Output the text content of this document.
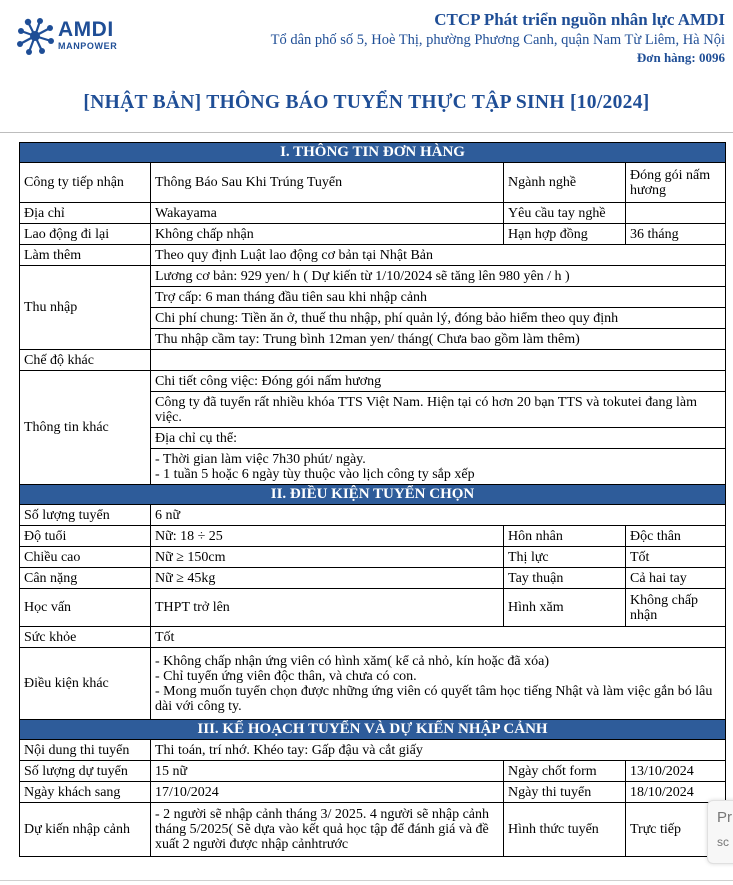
AMDI
MANPOWER
CTCP Phát triển nguồn nhân lực AMDI
Tổ dân phố số 5, Hoè Thị, phường Phương Canh, quận Nam Từ Liêm, Hà Nội
Đơn hàng: 0096
[NHẬT BẢN] THÔNG BÁO TUYỂN THỰC TẬP SINH [10/2024]
I. THÔNG TIN ĐƠN HÀNG			
Công ty tiếp nhận	Thông Báo Sau Khi Trúng Tuyển	Ngành nghề	Đóng gói nấm hương
Địa chỉ	Wakayama	Yêu cầu tay nghề	
Lao động đi lại	Không chấp nhận	Hạn hợp đồng	36 tháng
Làm thêm	Theo quy định Luật lao động cơ bản tại Nhật Bản		
Thu nhập	Lương cơ bản: 929 yen/ h ( Dự kiến từ 1/10/2024 sẽ tăng lên 980 yên / h )		
	Trợ cấp: 6 man tháng đầu tiên sau khi nhập cảnh		
	Chi phí chung: Tiền ăn ở, thuế thu nhập, phí quản lý, đóng bảo hiểm theo quy định		
	Thu nhập cầm tay: Trung bình 12man yen/ tháng( Chưa bao gồm làm thêm)		
Chế độ khác			
Thông tin khác	Chi tiết công việc: Đóng gói nấm hương		
	Công ty đã tuyển rất nhiều khóa TTS Việt Nam. Hiện tại có hơn 20 bạn TTS và tokutei đang làm việc.		
	Địa chỉ cụ thể:		

	- Thời gian làm việc 7h30 phút/ ngày.
- 1 tuần 5 hoặc 6 ngày tùy thuộc vào lịch công ty sắp xếp		

II. ĐIỀU KIỆN TUYỂN CHỌN			
Số lượng tuyển	6 nữ		
Độ tuổi	Nữ: 18 ÷ 25	Hôn nhân	Độc thân
Chiều cao	Nữ ≥ 150cm	Thị lực	Tốt
Cân nặng	Nữ ≥ 45kg	Tay thuận	Cả hai tay
Học vấn	THPT trở lên	Hình xăm	Không chấp nhận
Sức khỏe	Tốt		
Điều kiện khác	- Không chấp nhận ứng viên có hình xăm( kể cả nhỏ, kín hoặc đã xóa)
- Chỉ tuyển ứng viên độc thân, và chưa có con.
- Mong muốn tuyển chọn được những ứng viên có quyết tâm học tiếng Nhật và làm việc gắn bó lâu dài với công ty.		

III. KẾ HOẠCH TUYỂN VÀ DỰ KIẾN NHẬP CẢNH			
Nội dung thi tuyển	Thi toán, trí nhớ. Khéo tay: Gấp đậu và cắt giấy		
Số lượng dự tuyển	15 nữ	Ngày chốt form	13/10/2024
Ngày khách sang	17/10/2024	Ngày thi tuyển	18/10/2024
Dự kiến nhập cảnh	- 2 người sẽ nhập cảnh tháng 3/ 2025. 4 người sẽ nhập cảnh tháng 5/2025( Sẽ dựa vào kết quả học tập để đánh giá và đề xuất 2 người được nhập cảnhtrước	Hình thức tuyển	Trực tiếp
Pr
sc
